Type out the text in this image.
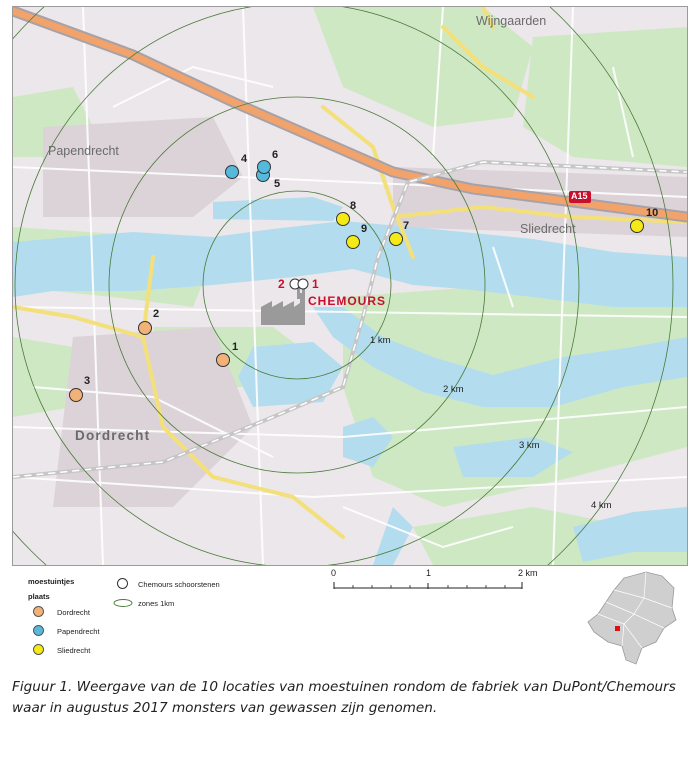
Wijngaarden
Papendrecht
Sliedrecht
Dordrecht
A15
2 1
CHEMOURS
1 km
2 km
3 km
4 km
1
2
3
4
5
6
7
8
9
10
moestuintjes
plaats
Dordrecht
Papendrecht
Sliedrecht
Chemours schoorstenen
zones 1km
0	1	2 km
Figuur 1. Weergave van de 10 locaties van moestuinen rondom de fabriek van DuPont/Chemours waar in augustus 2017 monsters van gewassen zijn genomen.
